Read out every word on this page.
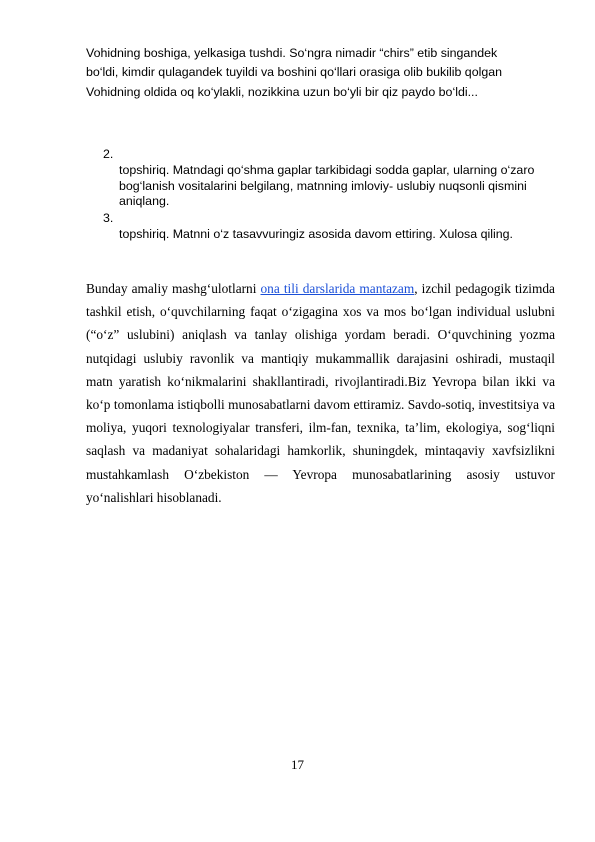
Vohidning boshiga, yelkasiga tushdi. So‘ngra nimadir “chirs” etib singandek

bo‘ldi, kimdir qulagandek tuyildi va boshini qo‘llari orasiga olib bukilib qolgan

Vohidning oldida oq ko‘ylakli, nozikkina uzun bo‘yli bir qiz paydo bo‘ldi...

2.
topshiriq. Matndagi qo‘shma gaplar tarkibidagi sodda gaplar, ularning o‘zaro bog‘lanish vositalarini belgilang, matnning imloviy- uslubiy nuqsonli qismini aniqlang.
3.
topshiriq. Matnni o‘z tasavvuringiz asosida davom ettiring. Xulosa qiling.

Bunday amaliy mashg‘ulotlarni ona tili darslarida mantazam, izchil pedagogik tizimda tashkil etish, o‘quvchilarning faqat o‘zigagina xos va mos bo‘lgan individual uslubni (“o‘z” uslubini) aniqlash va tanlay olishiga yordam beradi. O‘quvchining yozma nutqidagi uslubiy ravonlik va mantiqiy mukammallik darajasini oshiradi, mustaqil matn yaratish ko‘nikmalarini shakllantiradi, rivojlantiradi.Biz Yevropa bilan ikki va ko‘p tomonlama istiqbolli munosabatlarni davom ettiramiz. Savdo-sotiq, investitsiya va moliya, yuqori texnologiyalar transferi, ilm-fan, texnika, ta’lim, ekologiya, sog‘liqni saqlash va madaniyat sohalaridagi hamkorlik, shuningdek, mintaqaviy xavfsizlikni mustahkamlash O‘zbekiston — Yevropa munosabatlarining asosiy ustuvor yo‘nalishlari hisoblanadi.

17
